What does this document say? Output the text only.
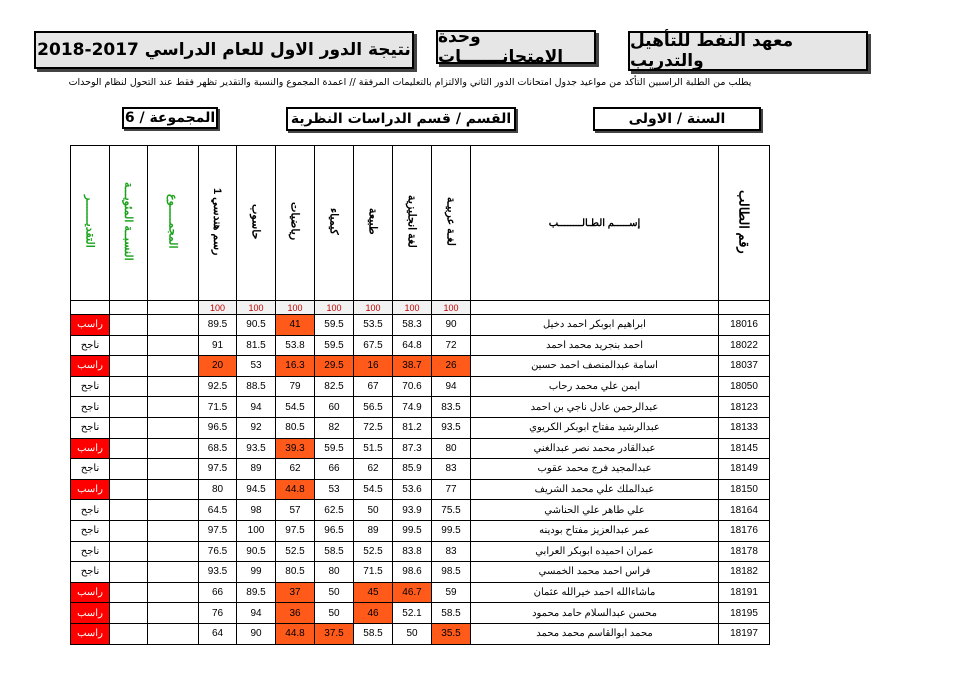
معهد النفط للتأهيل والتدريب
وحدة الامتحانـــــــات
نتيجة الدور الاول للعام الدراسي 2017-2018
يطلب من الطلبة الراسبين التأكد من مواعيد جدول امتحانات الدور الثاني والالتزام بالتعليمات المرفقة // اعمدة المجموع والنسبة والتقدير تظهر فقط عند التحول لنظام الوحدات
السنة / الاولى
القسم / قسم الدراسات النظرية
المجموعة / 6
رقم الطالب	إســـــم الطـالــــــــب	لغـة عربيـة	لغة انجليزية	طبيعة	كيمياء	رياضيات	حاسوب	رسم هندسي 1	المجمـــــوع	النسبــة المئويـــة	التقديـــــــر
		100	100	100	100	100	100	100			
18016	ابراهيم ابوبكر احمد دخيل	90	58.3	53.5	59.5	41	90.5	89.5			راسب
18022	احمد بنجريد محمد احمد	72	64.8	67.5	59.5	53.8	81.5	91			ناجح
18037	اسامة عبدالمنصف احمد حسين	26	38.7	16	29.5	16.3	53	20			راسب
18050	ايمن علي محمد رحاب	94	70.6	67	82.5	79	88.5	92.5			ناجح
18123	عبدالرحمن عادل ناجي بن احمد	83.5	74.9	56.5	60	54.5	94	71.5			ناجح
18133	عبدالرشيد مفتاح ابوبكر الكريوي	93.5	81.2	72.5	82	80.5	92	96.5			ناجح
18145	عبدالقادر محمد نصر عبدالغني	80	87.3	51.5	59.5	39.3	93.5	68.5			راسب
18149	عبدالمجيد فرج محمد عقوب	83	85.9	62	66	62	89	97.5			ناجح
18150	عبدالملك علي محمد الشريف	77	53.6	54.5	53	44.8	94.5	80			راسب
18164	علي طاهر علي الحناشي	75.5	93.9	50	62.5	57	98	64.5			ناجح
18176	عمر عبدالعزيز مفتاح بودينه	99.5	99.5	89	96.5	97.5	100	97.5			ناجح
18178	عمران احميده ابوبكر العرابي	83	83.8	52.5	58.5	52.5	90.5	76.5			ناجح
18182	فراس احمد محمد الخمسي	98.5	98.6	71.5	80	80.5	99	93.5			ناجح
18191	ماشاءالله احمد خيرالله عثمان	59	46.7	45	50	37	89.5	66			راسب
18195	محسن عبدالسلام حامد محمود	58.5	52.1	46	50	36	94	76			راسب
18197	محمد ابوالقاسم محمد محمد	35.5	50	58.5	37.5	44.8	90	64			راسب
